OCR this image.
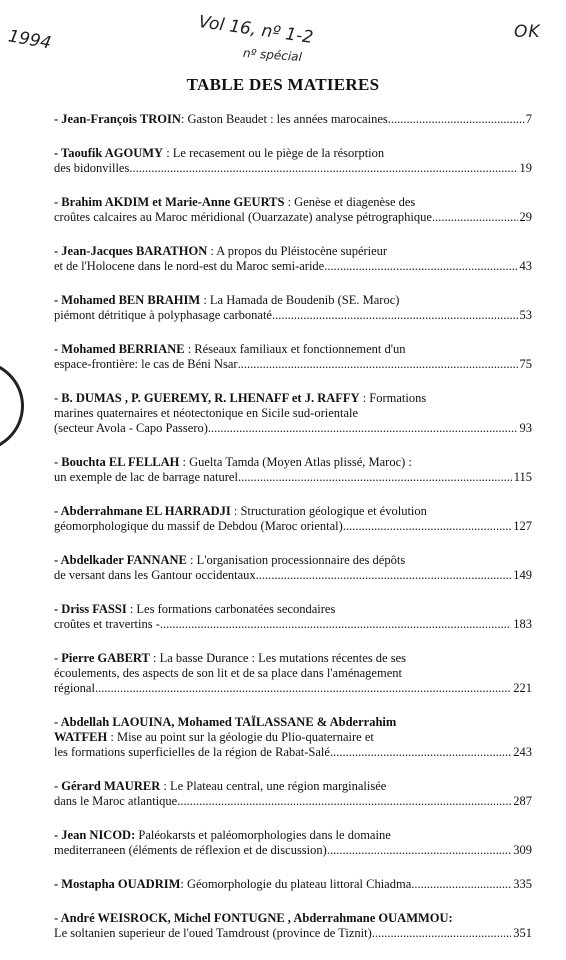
1994	Vol 16, nº 1-2
nº spécial
OK
TABLE DES MATIERES
- Jean-François TROIN : Gaston Beaudet : les années marocaines .....	7
- Taoufik AGOUMY : Le recasement ou le piège de la résorption
des bidonvilles .....	19
- Brahim AKDIM et Marie-Anne GEURTS : Genèse et diagenèse des
croûtes calcaires au Maroc méridional (Ouarzazate) analyse pétrographique .....	29
- Jean-Jacques BARATHON : A propos du Pléistocène supérieur
et de l'Holocene dans le nord-est du Maroc semi-aride .....	43
- Mohamed BEN BRAHIM : La Hamada de Boudenib (SE. Maroc)
piémont détritique à polyphasage carbonaté .....	53
- Mohamed BERRIANE : Réseaux familiaux et fonctionnement d'un
espace-frontière: le cas de Béni Nsar .....	75
- B. DUMAS , P. GUEREMY, R. LHENAFF et J. RAFFY : Formations
marines quaternaires et néotectonique en Sicile sud-orientale
(secteur Avola - Capo Passero) .....	93
- Bouchta EL FELLAH : Guelta Tamda (Moyen Atlas plissé, Maroc) :
un exemple de lac de barrage naturel .....	115
- Abderrahmane EL HARRADJI : Structuration géologique et évolution
géomorphologique du massif de Debdou (Maroc oriental) .....	127
- Abdelkader FANNANE : L'organisation processionnaire des dépôts
de versant dans les Gantour occidentaux. .....	149
- Driss FASSI : Les formations carbonatées secondaires
croûtes et travertins - .....	183
- Pierre GABERT : La basse Durance : Les mutations récentes de ses
écoulements, des aspects de son lit et de sa place dans l'aménagement
régional .....	221
- Abdellah LAOUINA, Mohamed TAÏLASSANE & Abderrahim
WATFEH : Mise au point sur la géologie du Plio-quaternaire et
les formations superficielles de la région de Rabat-Salé .....	243
- Gérard MAURER : Le Plateau central, une région marginalisée
dans le Maroc atlantique .....	287
- Jean NICOD: Paléokarsts et paléomorphologies dans le domaine
mediterraneen (éléments de réflexion et de discussion) .....	309
- Mostapha OUADRIM : Géomorphologie du plateau littoral Chiadma .....	335
- André WEISROCK, Michel FONTUGNE , Abderrahmane OUAMMOU:
Le soltanien superieur de l'oued Tamdroust (province de Tiznit) .....	351
